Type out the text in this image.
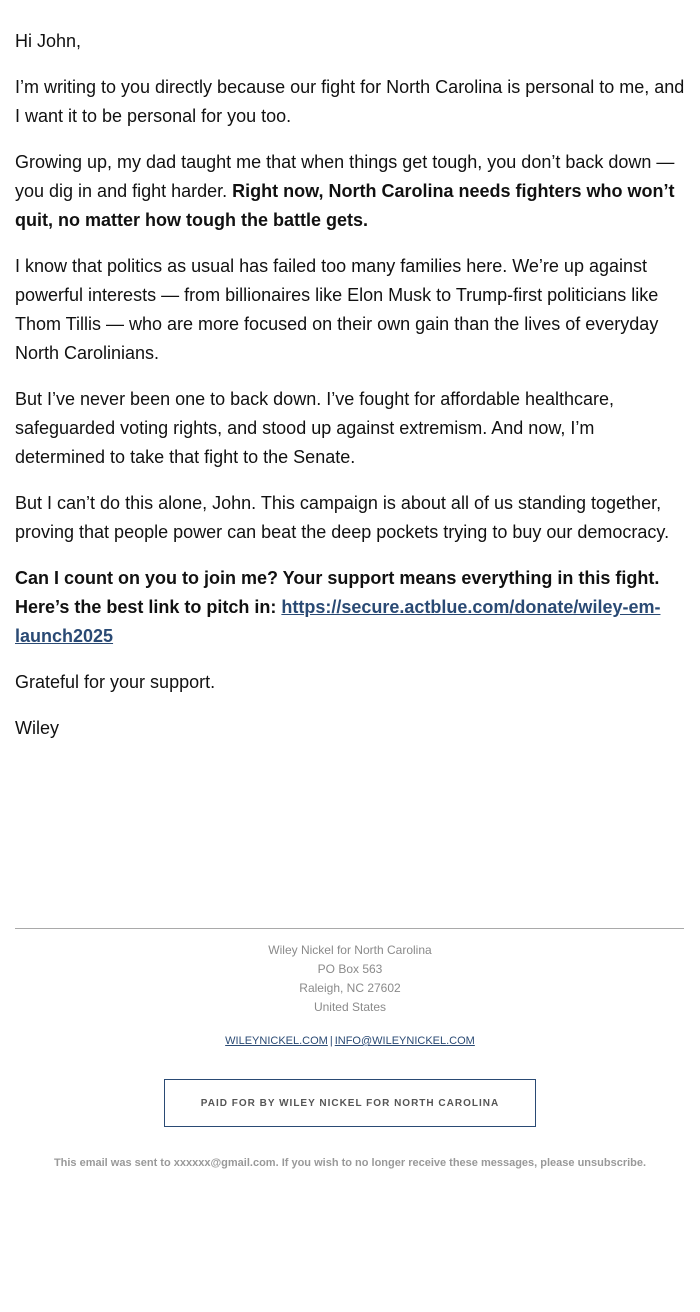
Hi John,

I’m writing to you directly because our fight for North Carolina is personal to me, and I want it to be personal for you too.

Growing up, my dad taught me that when things get tough, you don’t back down — you dig in and fight harder. Right now, North Carolina needs fighters who won’t quit, no matter how tough the battle gets.

I know that politics as usual has failed too many families here. We’re up against powerful interests — from billionaires like Elon Musk to Trump-first politicians like Thom Tillis — who are more focused on their own gain than the lives of everyday North Carolinians.

But I’ve never been one to back down. I’ve fought for affordable healthcare, safeguarded voting rights, and stood up against extremism. And now, I’m determined to take that fight to the Senate.

But I can’t do this alone, John. This campaign is about all of us standing together, proving that people power can beat the deep pockets trying to buy our democracy.

Can I count on you to join me? Your support means everything in this fight. Here’s the best link to pitch in: https://secure.actblue.com/donate/wiley-em-launch2025

Grateful for your support.

Wiley

Wiley Nickel for North Carolina
PO Box 563
Raleigh, NC 27602
United States
WILEYNICKEL.COM | INFO@WILEYNICKEL.COM
PAID FOR BY WILEY NICKEL FOR NORTH CAROLINA
This email was sent to xxxxxx@gmail.com. If you wish to no longer receive these messages, please unsubscribe.
